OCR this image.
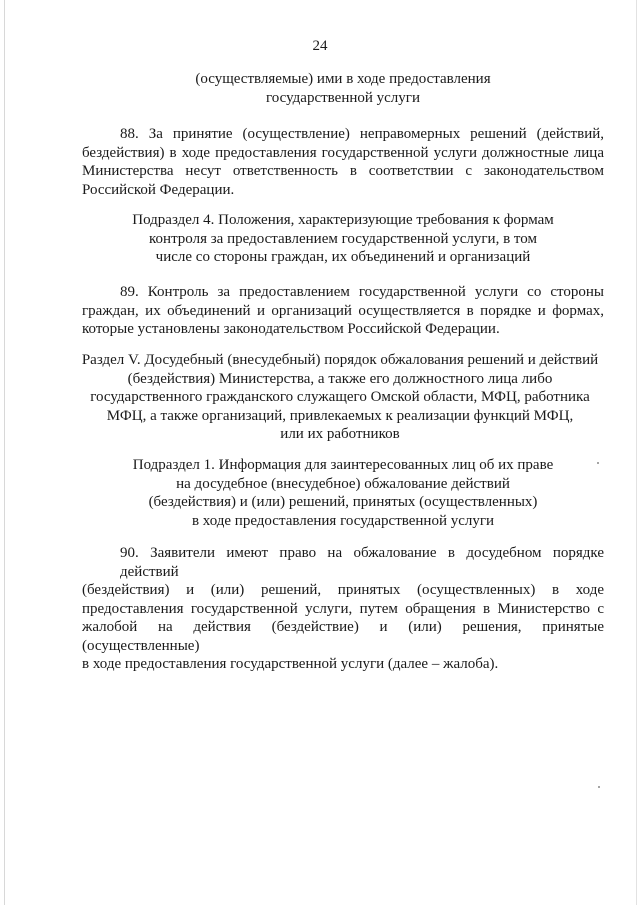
24
(осуществляемые) ими в ходе предоставления
государственной услуги
88. За принятие (осуществление) неправомерных решений (действий,
бездействия) в ходе предоставления государственной услуги должностные лица
Министерства несут ответственность в соответствии с законодательством
Российской Федерации.
Подраздел 4. Положения, характеризующие требования к формам
контроля за предоставлением государственной услуги, в том
числе со стороны граждан, их объединений и организаций
89. Контроль за предоставлением государственной услуги со стороны
граждан, их объединений и организаций осуществляется в порядке и формах,
которые установлены законодательством Российской Федерации.
Раздел V. Досудебный (внесудебный) порядок обжалования решений и действий
(бездействия) Министерства, а также его должностного лица либо
государственного гражданского служащего Омской области, МФЦ, работника
МФЦ, а также организаций, привлекаемых к реализации функций МФЦ,
или их работников
Подраздел 1. Информация для заинтересованных лиц об их праве
на досудебное (внесудебное) обжалование действий
(бездействия) и (или) решений, принятых (осуществленных)
в ходе предоставления государственной услуги
90. Заявители имеют право на обжалование в досудебном порядке действий
(бездействия) и (или) решений, принятых (осуществленных) в ходе
предоставления государственной услуги, путем обращения в Министерство с
жалобой на действия (бездействие) и (или) решения, принятые (осуществленные)
в ходе предоставления государственной услуги (далее – жалоба).
